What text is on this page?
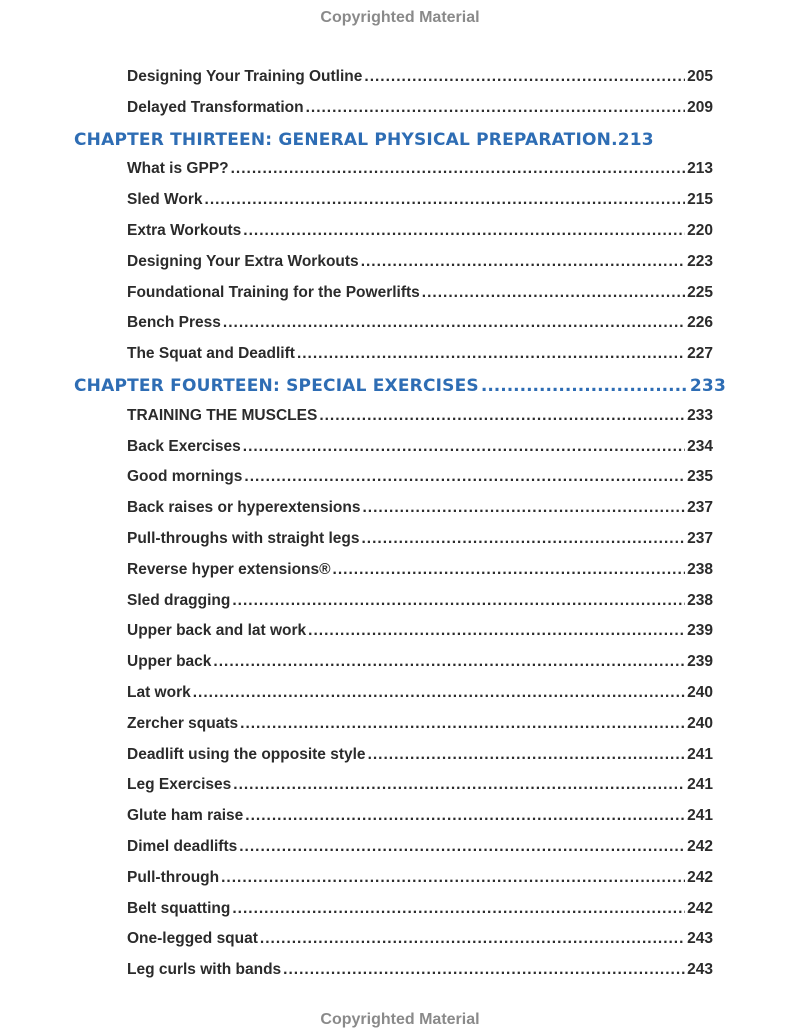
Copyrighted Material
Designing Your Training Outline .....	205
Delayed Transformation .....	209
CHAPTER THIRTEEN: GENERAL PHYSICAL PREPARATION. 213
What is GPP? .....	213
Sled Work .....	215
Extra Workouts .....	220
Designing Your Extra Workouts .....	223
Foundational Training for the Powerlifts .....	225
Bench Press .....	226
The Squat and Deadlift .....	227
CHAPTER FOURTEEN: SPECIAL EXERCISES .....	233
TRAINING THE MUSCLES .....	233
Back Exercises .....	234
Good mornings .....	235
Back raises or hyperextensions .....	237
Pull-throughs with straight legs .....	237
Reverse hyper extensions® .....	238
Sled dragging .....	238
Upper back and lat work .....	239
Upper back .....	239
Lat work .....	240
Zercher squats .....	240
Deadlift using the opposite style .....	241
Leg Exercises .....	241
Glute ham raise .....	241
Dimel deadlifts .....	242
Pull-through .....	242
Belt squatting .....	242
One-legged squat .....	243
Leg curls with bands .....	243
Copyrighted Material
